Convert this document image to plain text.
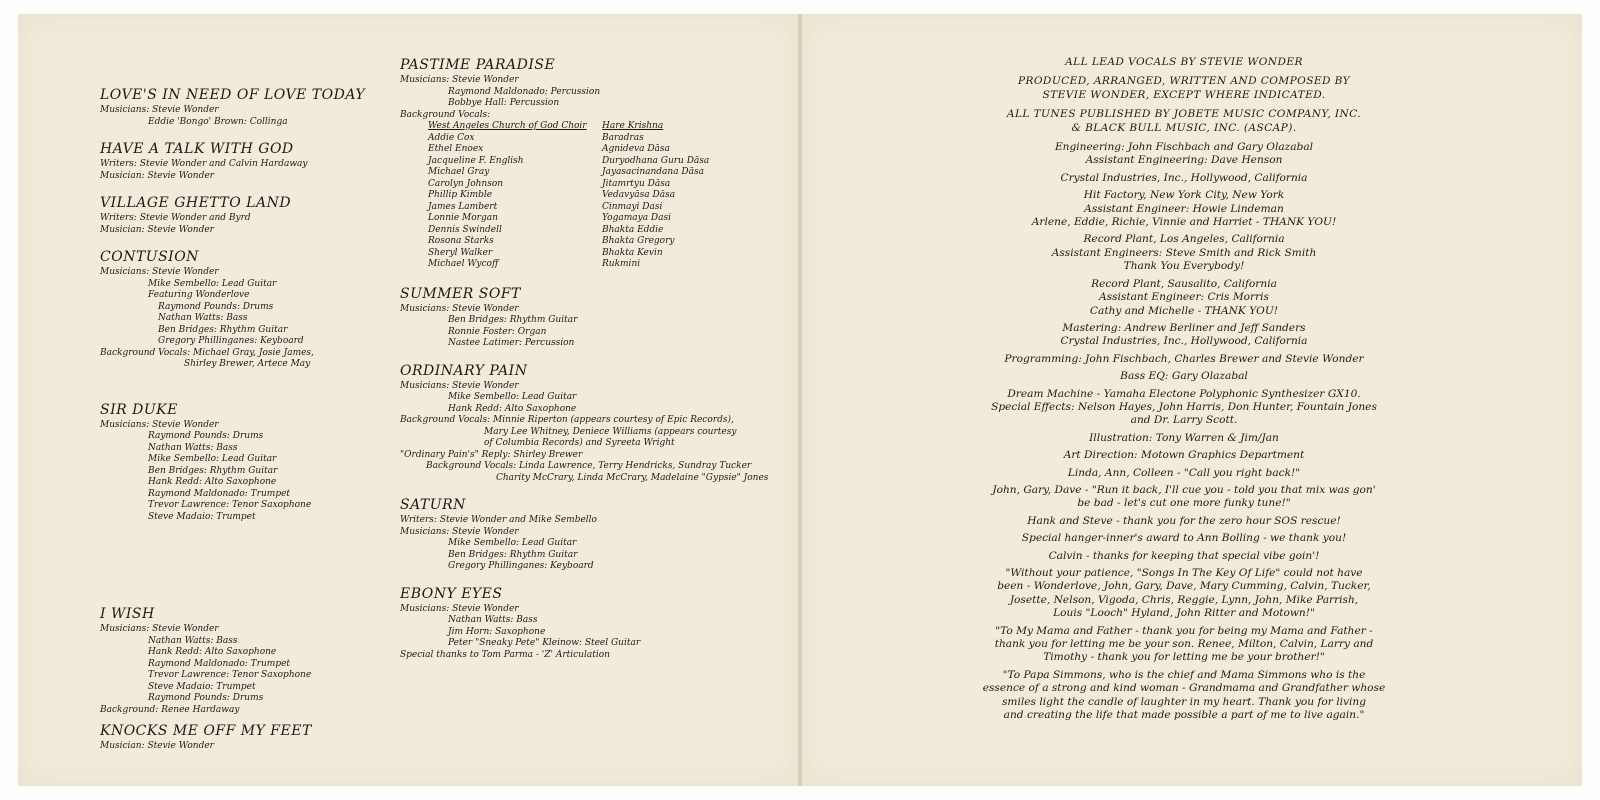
LOVE'S IN NEED OF LOVE TODAY
Musicians: Stevie Wonder
Eddie 'Bongo' Brown: Collinga
HAVE A TALK WITH GOD
Writers: Stevie Wonder and Calvin Hardaway
Musician: Stevie Wonder
VILLAGE GHETTO LAND
Writers: Stevie Wonder and Byrd
Musician: Stevie Wonder
CONTUSION
Musicians: Stevie Wonder
Mike Sembello: Lead Guitar
Featuring Wonderlove
Raymond Pounds: Drums
Nathan Watts: Bass
Ben Bridges: Rhythm Guitar
Gregory Phillinganes: Keyboard
Background Vocals: Michael Gray, Josie James,
Shirley Brewer, Artece May
SIR DUKE
Musicians: Stevie Wonder
Raymond Pounds: Drums
Nathan Watts: Bass
Mike Sembello: Lead Guitar
Ben Bridges: Rhythm Guitar
Hank Redd: Alto Saxophone
Raymond Maldonado: Trumpet
Trevor Lawrence: Tenor Saxophone
Steve Madaio: Trumpet
I WISH
Musicians: Stevie Wonder
Nathan Watts: Bass
Hank Redd: Alto Saxophone
Raymond Maldonado: Trumpet
Trevor Lawrence: Tenor Saxophone
Steve Madaio: Trumpet
Raymond Pounds: Drums
Background: Renee Hardaway
KNOCKS ME OFF MY FEET
Musician: Stevie Wonder
PASTIME PARADISE
Musicians: Stevie Wonder
Raymond Maldonado: Percussion
Bobbye Hall: Percussion
Background Vocals:
West Angeles Church of God Choir
Addie Cox
Ethel Enoex
Jacqueline F. English
Michael Gray
Carolyn Johnson
Phillip Kimble
James Lambert
Lonnie Morgan
Dennis Swindell
Rosona Starks
Sheryl Walker
Michael Wycoff
Hare Krishna
Baradras
Agnideva Dāsa
Duryodhana Guru Dāsa
Jayasacinandana Dāsa
Jitamrtyu Dāsa
Vedavyāsa Dāsa
Cinmayi Dasi
Yogamaya Dasi
Bhakta Eddie
Bhakta Gregory
Bhakta Kevin
Rukmini
SUMMER SOFT
Musicians: Stevie Wonder
Ben Bridges: Rhythm Guitar
Ronnie Foster: Organ
Nastee Latimer: Percussion
ORDINARY PAIN
Musicians: Stevie Wonder
Mike Sembello: Lead Guitar
Hank Redd: Alto Saxophone
Background Vocals: Minnie Riperton (appears courtesy of Epic Records),
Mary Lee Whitney, Deniece Williams (appears courtesy
of Columbia Records) and Syreeta Wright
"Ordinary Pain's" Reply: Shirley Brewer
Background Vocals: Linda Lawrence, Terry Hendricks, Sundray Tucker
Charity McCrary, Linda McCrary, Madelaine "Gypsie" Jones
SATURN
Writers: Stevie Wonder and Mike Sembello
Musicians: Stevie Wonder
Mike Sembello: Lead Guitar
Ben Bridges: Rhythm Guitar
Gregory Phillinganes: Keyboard
EBONY EYES
Musicians: Stevie Wonder
Nathan Watts: Bass
Jim Horn: Saxophone
Peter "Sneaky Pete" Kleinow: Steel Guitar
Special thanks to Tom Parma - 'Z' Articulation
ALL LEAD VOCALS BY STEVIE WONDER
PRODUCED, ARRANGED, WRITTEN AND COMPOSED BY
STEVIE WONDER, EXCEPT WHERE INDICATED.
ALL TUNES PUBLISHED BY JOBETE MUSIC COMPANY, INC.
& BLACK BULL MUSIC, INC. (ASCAP).
Engineering: John Fischbach and Gary Olazabal
Assistant Engineering: Dave Henson
Crystal Industries, Inc., Hollywood, California
Hit Factory, New York City, New York
Assistant Engineer: Howie Lindeman
Arlene, Eddie, Richie, Vinnie and Harriet - THANK YOU!
Record Plant, Los Angeles, California
Assistant Engineers: Steve Smith and Rick Smith
Thank You Everybody!
Record Plant, Sausalito, California
Assistant Engineer: Cris Morris
Cathy and Michelle - THANK YOU!
Mastering: Andrew Berliner and Jeff Sanders
Crystal Industries, Inc., Hollywood, California
Programming: John Fischbach, Charles Brewer and Stevie Wonder
Bass EQ: Gary Olazabal
Dream Machine - Yamaha Electone Polyphonic Synthesizer GX10.
Special Effects: Nelson Hayes, John Harris, Don Hunter, Fountain Jones
and Dr. Larry Scott.
Illustration: Tony Warren & Jim/Jan
Art Direction: Motown Graphics Department
Linda, Ann, Colleen - "Call you right back!"
John, Gary, Dave - "Run it back, I'll cue you - told you that mix was gon'
be bad - let's cut one more funky tune!"
Hank and Steve - thank you for the zero hour SOS rescue!
Special hanger-inner's award to Ann Bolling - we thank you!
Calvin - thanks for keeping that special vibe goin'!
"Without your patience, "Songs In The Key Of Life" could not have
been - Wonderlove, John, Gary, Dave, Mary Cumming, Calvin, Tucker,
Josette, Nelson, Vigoda, Chris, Reggie, Lynn, John, Mike Parrish,
Louis "Looch" Hyland, John Ritter and Motown!"
"To My Mama and Father - thank you for being my Mama and Father -
thank you for letting me be your son. Renee, Milton, Calvin, Larry and
Timothy - thank you for letting me be your brother!"
"To Papa Simmons, who is the chief and Mama Simmons who is the
essence of a strong and kind woman - Grandmama and Grandfather whose
smiles light the candle of laughter in my heart. Thank you for living
and creating the life that made possible a part of me to live again."
